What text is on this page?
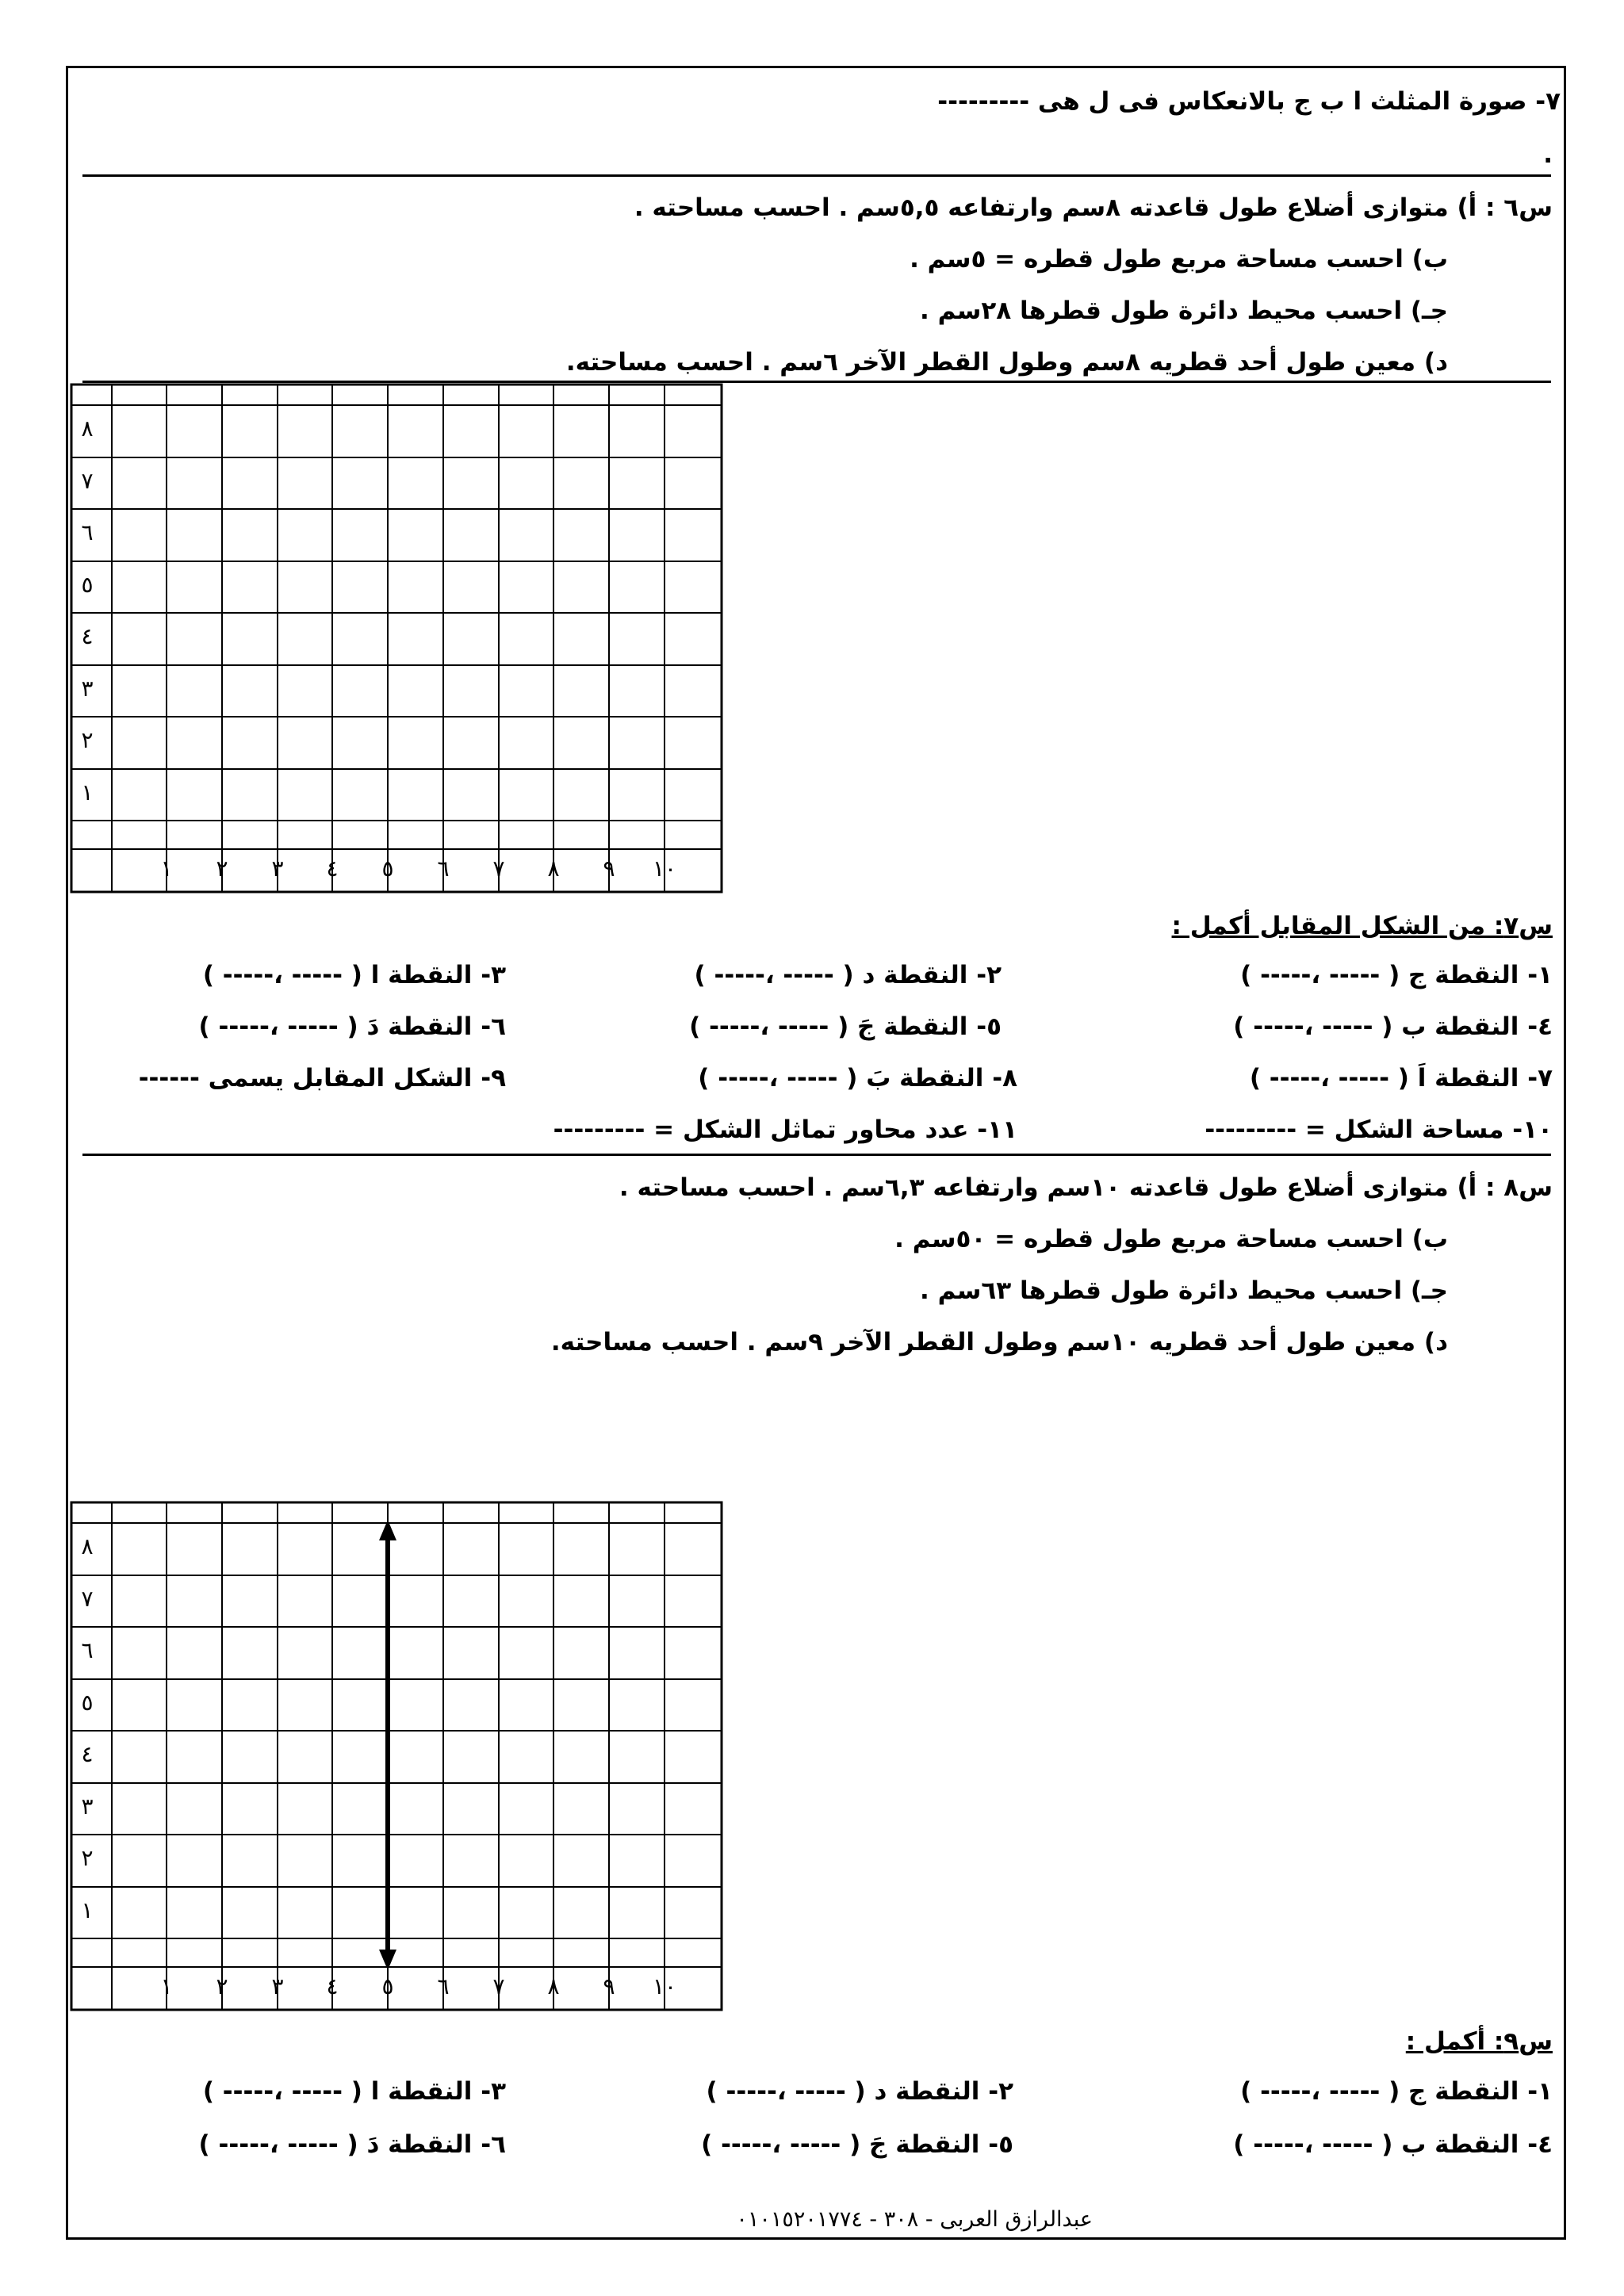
٧- صورة المثلث ا ب ج بالانعكاس فى ل هى ---------
.
س٦ : أ) متوازى أضلاع طول قاعدته ٨سم وارتفاعه ٥,٥سم . احسب مساحته .
ب) احسب مساحة مربع طول قطره = ٥سم .
جـ) احسب محيط دائرة طول قطرها ٢٨سم .
د) معين طول أحد قطريه ٨سم وطول القطر الآخر ٦سم . احسب مساحته.
٨
٧
٦
٥
٤
٣
٢
١
١ ٢ ٣ ٤ ٥ ٦ ٧ ٨ ٩ ١٠
س٧: من الشكل المقابل أكمل :
١- النقطة ج ( ----- ،----- )
٢- النقطة د ( ----- ،----- )
٣- النقطة ا ( ----- ،----- )
٤- النقطة ب ( ----- ،----- )
٥- النقطة جَ ( ----- ،----- )
٦- النقطة دَ ( ----- ،----- )
٧- النقطة اَ ( ----- ،----- )
٨- النقطة بَ ( ----- ،----- )
٩- الشكل المقابل يسمى ------
١٠- مساحة الشكل = ---------
١١- عدد محاور تماثل الشكل = ---------
س٨ : أ) متوازى أضلاع طول قاعدته ١٠سم وارتفاعه ٦,٣سم . احسب مساحته .
ب) احسب مساحة مربع طول قطره = ٥٠سم .
جـ) احسب محيط دائرة طول قطرها ٦٣سم .
د) معين طول أحد قطريه ١٠سم وطول القطر الآخر ٩سم . احسب مساحته.
٨
٧
٦
٥
٤
٣
٢
١
١ ٢ ٣ ٤ ٥ ٦ ٧ ٨ ٩ ١٠
س٩: أكمل :
١- النقطة ج ( ----- ،----- )
٢- النقطة د ( ----- ،----- )
٣- النقطة ا ( ----- ،----- )
٤- النقطة ب ( ----- ،----- )
٥- النقطة جَ ( ----- ،----- )
٦- النقطة دَ ( ----- ،----- )
عبدالرازق العربى - ٣٠٨ - ٠١٠١٥٢٠١٧٧٤
